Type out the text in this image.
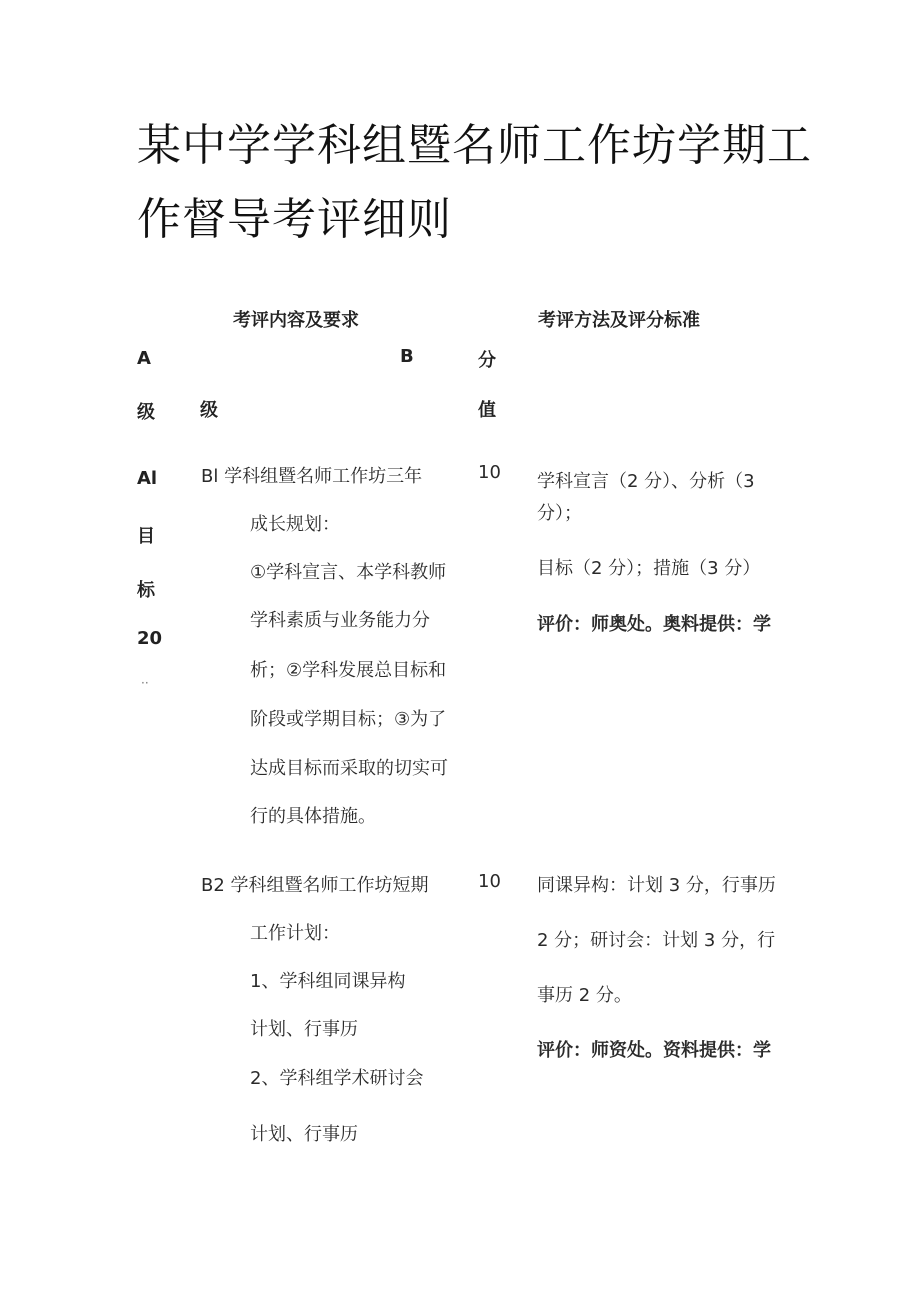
某中学学科组暨名师工作坊学期工
作督导考评细则
考评内容及要求	考评方法及评分标准
A
级
B
级
分
值
Al
目
标
20
··
Bl 学科组暨名师工作坊三年
成长规划：
①学科宣言、本学科教师
学科素质与业务能力分
析；②学科发展总目标和
阶段或学期目标；③为了
达成目标而采取的切实可
行的具体措施。
10 学科宣言（2 分）、分析（3
分）；
目标（2 分）；措施（3 分）
评价：师奥处。奥料提供：学
B2 学科组暨名师工作坊短期
工作计划：
1、学科组同课异构
计划、行事历
2、学科组学术研讨会
计划、行事历
10 同课异构：计划 3 分，行事历
2 分；研讨会：计划 3 分，行
事历 2 分。
评价：师资处。资料提供：学
